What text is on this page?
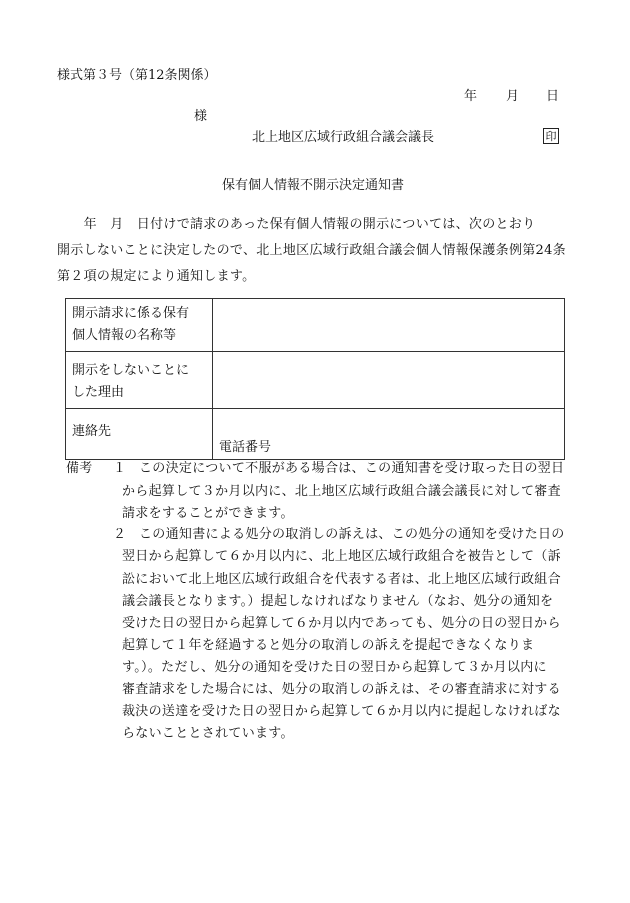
様式第３号（第12条関係）
年 月 日
様
北上地区広域行政組合議会議長	印
保有個人情報不開示決定通知書
　　年　月　日付けで請求のあった保有個人情報の開示については、次のとおり
開示しないことに決定したので、北上地区広域行政組合議会個人情報保護条例第24条
第２項の規定により通知します。
開示請求に係る保有
個人情報の名称等	

開示をしないことに
した理由	

連絡先	電話番号
備考 １ この決定について不服がある場合は、この通知書を受け取った日の翌日
から起算して３か月以内に、北上地区広域行政組合議会議長に対して審査
請求をすることができます。
２ この通知書による処分の取消しの訴えは、この処分の通知を受けた日の
翌日から起算して６か月以内に、北上地区広域行政組合を被告として（訴
訟において北上地区広域行政組合を代表する者は、北上地区広域行政組合
議会議長となります。）提起しなければなりません（なお、処分の通知を
受けた日の翌日から起算して６か月以内であっても、処分の日の翌日から
起算して１年を経過すると処分の取消しの訴えを提起できなくなりま
す。）。ただし、処分の通知を受けた日の翌日から起算して３か月以内に
審査請求をした場合には、処分の取消しの訴えは、その審査請求に対する
裁決の送達を受けた日の翌日から起算して６か月以内に提起しなければな
らないこととされています。
